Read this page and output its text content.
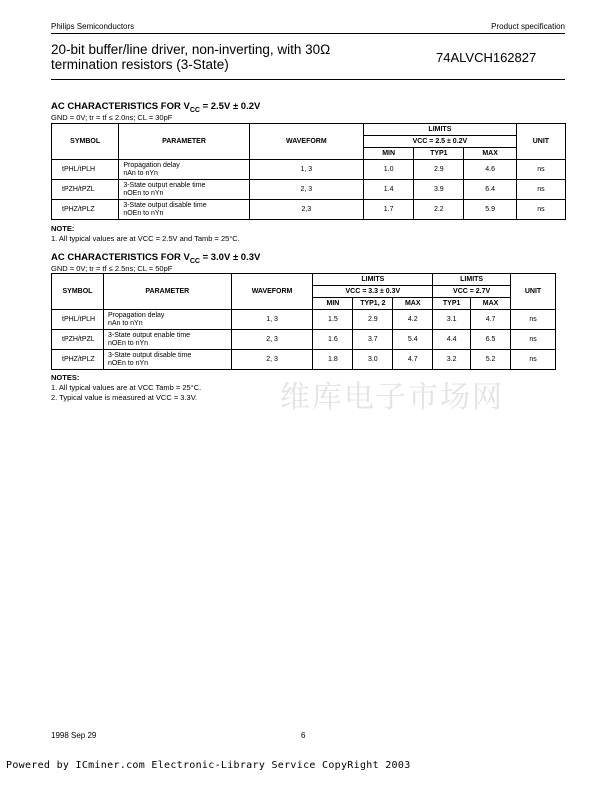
Philips Semiconductors	Product specification
20-bit buffer/line driver, non-inverting, with 30Ω
termination resistors (3-State)	74ALVCH162827
AC CHARACTERISTICS FOR $V_{CC} = 2.5V \pm 0.2V$
GND = 0V; tr = tf ≤ 2.0ns; CL = 30pF
SYMBOL	PARAMETER	WAVEFORM	LIMITS			UNIT
			VCC = 2.5 ± 0.2V			
			MIN	TYP1	MAX	
tPHL/tPLH	Propagation delay
nAn to nYn	1, 3	1.0	2.9	4.6	ns
tPZH/tPZL	3-State output enable time
nOEn to nYn	2, 3	1.4	3.9	6.4	ns
tPHZ/tPLZ	3-State output disable time
nOEn to nYn	2,3	1.7	2.2	5.9	ns
NOTE:
1. All typical values are at VCC = 2.5V and Tamb = 25°C.
AC CHARACTERISTICS FOR $V_{CC} = 3.0V \pm 0.3V$
GND = 0V; tr = tf ≤ 2.5ns; CL = 50pF
SYMBOL	PARAMETER	WAVEFORM	LIMITS			LIMITS		UNIT
			VCC = 3.3 ± 0.3V			VCC = 2.7V		
			MIN	TYP1, 2	MAX	TYP1	MAX	
tPHL/tPLH	Propagation delay
nAn to nYn	1, 3	1.5	2.9	4.2	3.1	4.7	ns
tPZH/tPZL	3-State output enable time
nOEn to nYn	2, 3	1.6	3.7	5.4	4.4	6.5	ns
tPHZ/tPLZ	3-State output disable time
nOEn to nYn	2, 3	1.8	3.0	4.7	3.2	5.2	ns
维库电子市场网
NOTES:
1. All typical values are at VCC Tamb = 25°C.
2. Typical value is measured at VCC = 3.3V.
1998 Sep 29	6
Powered by ICminer.com Electronic-Library Service CopyRight 2003
